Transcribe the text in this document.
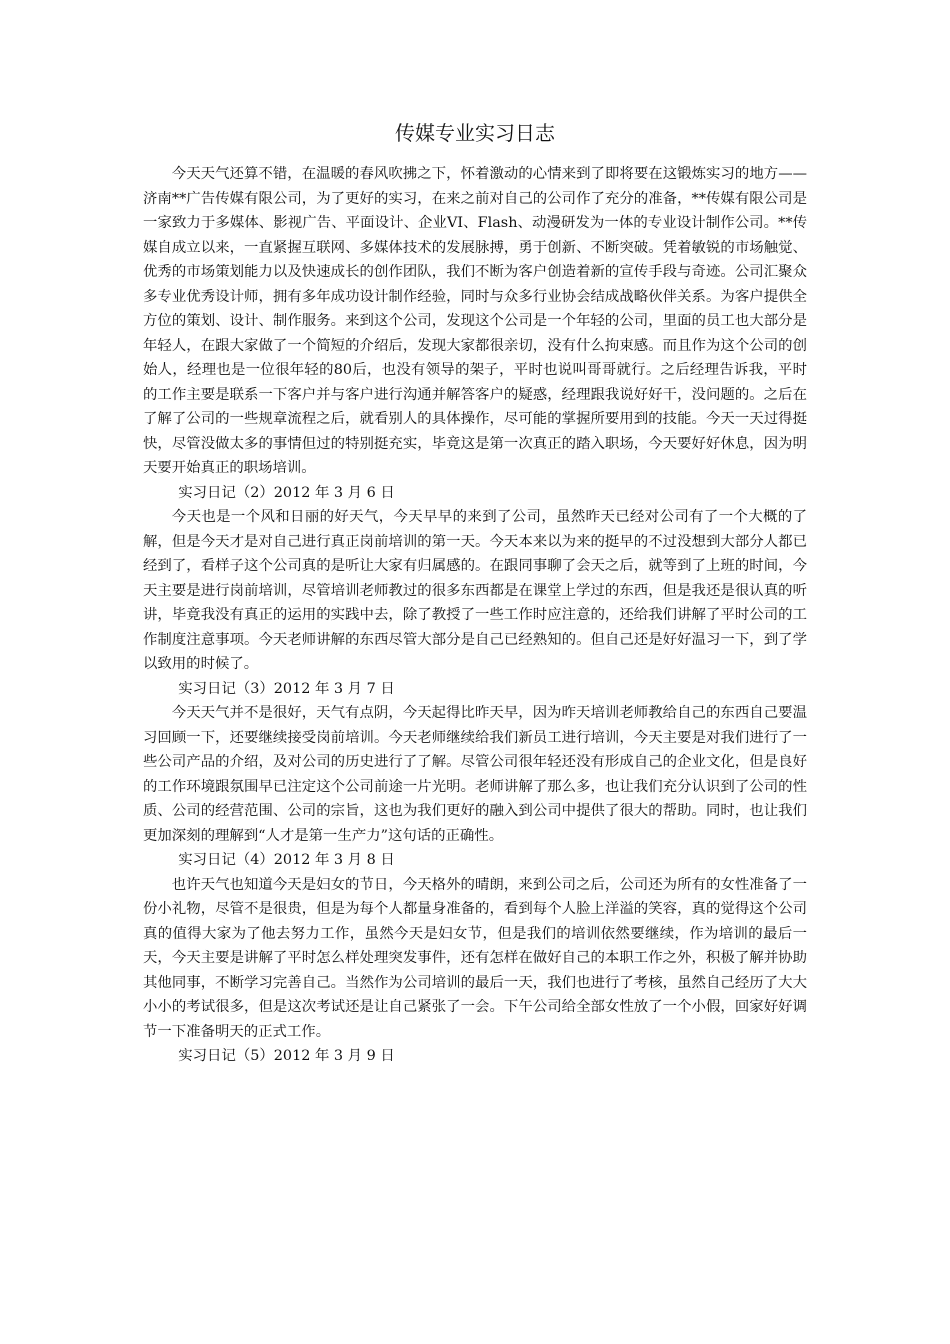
传媒专业实习日志

今天天气还算不错，在温暖的春风吹拂之下，怀着激动的心情来到了即将要在这锻炼实习的地方——济南**广告传媒有限公司，为了更好的实习，在来之前对自己的公司作了充分的准备，**传媒有限公司是一家致力于多媒体、影视广告、平面设计、企业VI、Flash、动漫研发为一体的专业设计制作公司。**传媒自成立以来，一直紧握互联网、多媒体技术的发展脉搏，勇于创新、不断突破。凭着敏锐的市场触觉、优秀的市场策划能力以及快速成长的创作团队，我们不断为客户创造着新的宣传手段与奇迹。公司汇聚众多专业优秀设计师，拥有多年成功设计制作经验，同时与众多行业协会结成战略伙伴关系。为客户提供全方位的策划、设计、制作服务。来到这个公司，发现这个公司是一个年轻的公司，里面的员工也大部分是年轻人，在跟大家做了一个简短的介绍后，发现大家都很亲切，没有什么拘束感。而且作为这个公司的创始人，经理也是一位很年轻的80后，也没有领导的架子，平时也说叫哥哥就行。之后经理告诉我，平时的工作主要是联系一下客户并与客户进行沟通并解答客户的疑惑，经理跟我说好好干，没问题的。之后在了解了公司的一些规章流程之后，就看别人的具体操作，尽可能的掌握所要用到的技能。今天一天过得挺快，尽管没做太多的事情但过的特别挺充实，毕竟这是第一次真正的踏入职场，今天要好好休息，因为明天要开始真正的职场培训。

实习日记（2）2012 年 3 月 6 日

今天也是一个风和日丽的好天气，今天早早的来到了公司，虽然昨天已经对公司有了一个大概的了解，但是今天才是对自己进行真正岗前培训的第一天。今天本来以为来的挺早的不过没想到大部分人都已经到了，看样子这个公司真的是听让大家有归属感的。在跟同事聊了会天之后，就等到了上班的时间，今天主要是进行岗前培训，尽管培训老师教过的很多东西都是在课堂上学过的东西，但是我还是很认真的听讲，毕竟我没有真正的运用的实践中去，除了教授了一些工作时应注意的，还给我们讲解了平时公司的工作制度注意事项。今天老师讲解的东西尽管大部分是自己已经熟知的。但自己还是好好温习一下，到了学以致用的时候了。

实习日记（3）2012 年 3 月 7 日

今天天气并不是很好，天气有点阴，今天起得比昨天早，因为昨天培训老师教给自己的东西自己要温习回顾一下，还要继续接受岗前培训。今天老师继续给我们新员工进行培训，今天主要是对我们进行了一些公司产品的介绍，及对公司的历史进行了了解。尽管公司很年轻还没有形成自己的企业文化，但是良好的工作环境跟氛围早已注定这个公司前途一片光明。老师讲解了那么多，也让我们充分认识到了公司的性质、公司的经营范围、公司的宗旨，这也为我们更好的融入到公司中提供了很大的帮助。同时，也让我们更加深刻的理解到“人才是第一生产力”这句话的正确性。

实习日记（4）2012 年 3 月 8 日

也许天气也知道今天是妇女的节日，今天格外的晴朗，来到公司之后，公司还为所有的女性准备了一份小礼物，尽管不是很贵，但是为每个人都量身准备的，看到每个人脸上洋溢的笑容，真的觉得这个公司真的值得大家为了他去努力工作，虽然今天是妇女节，但是我们的培训依然要继续，作为培训的最后一天，今天主要是讲解了平时怎么样处理突发事件，还有怎样在做好自己的本职工作之外，积极了解并协助其他同事，不断学习完善自己。当然作为公司培训的最后一天，我们也进行了考核，虽然自己经历了大大小小的考试很多，但是这次考试还是让自己紧张了一会。下午公司给全部女性放了一个小假，回家好好调节一下准备明天的正式工作。

实习日记（5）2012 年 3 月 9 日
